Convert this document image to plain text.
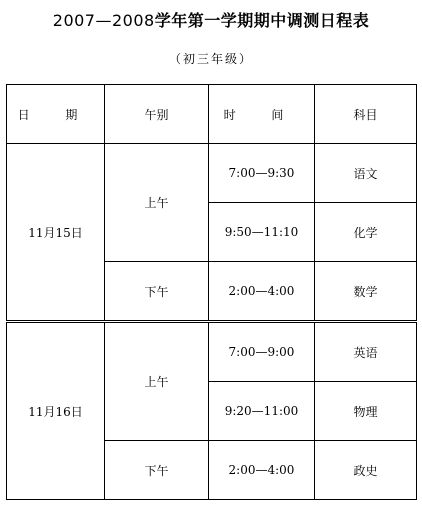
2007—2008学年第一学期期中调测日程表
（初三年级）
日 期	午别	时 间	科目
11月15日	上午	7:00—9:30	语文
		9:50—11:10	化学
	下午	2:00—4:00	数学
11月16日	上午	7:00—9:00	英语
		9:20—11:00	物理
	下午	2:00—4:00	政史
